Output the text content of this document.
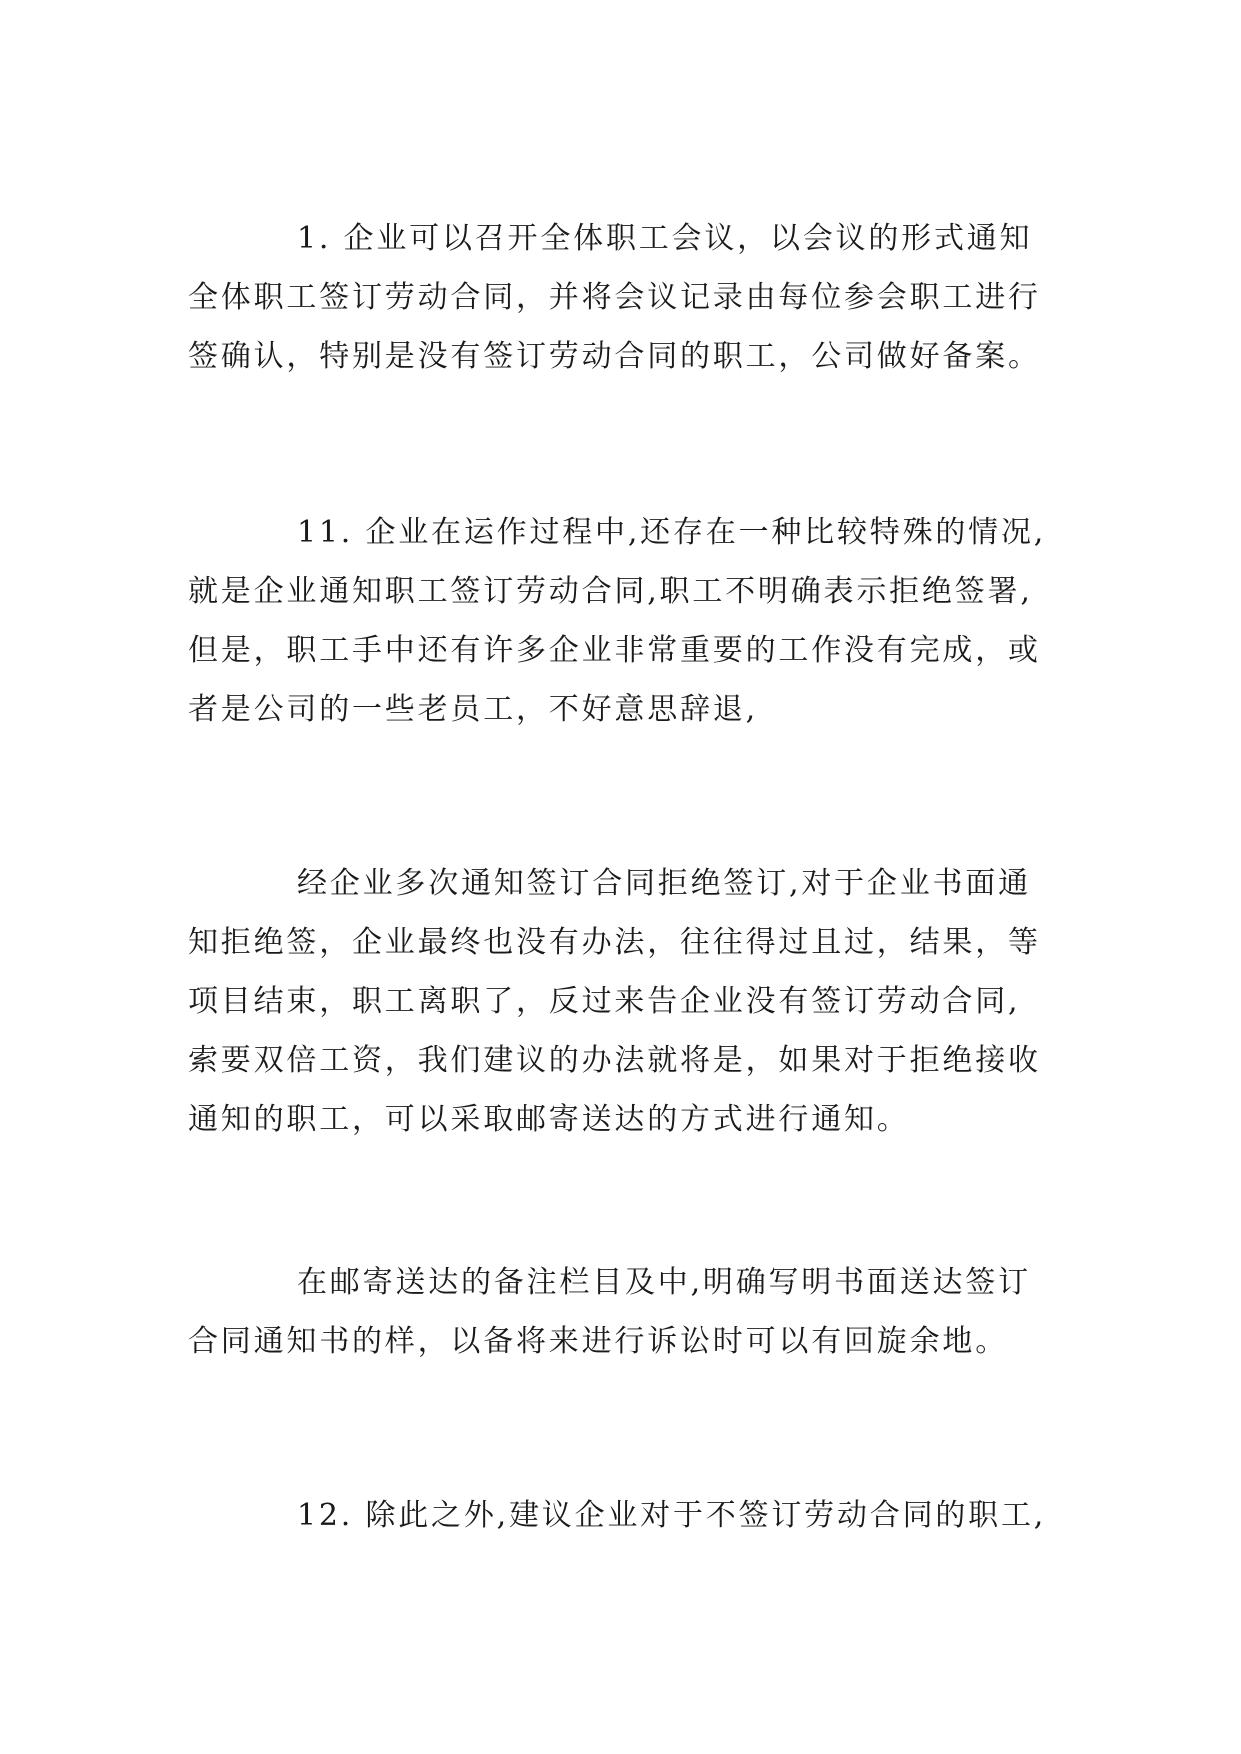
1. 企业可以召开全体职工会议，以会议的形式通知
全体职工签订劳动合同，并将会议记录由每位参会职工进行
签确认，特别是没有签订劳动合同的职工，公司做好备案。
11. 企业在运作过程中,还存在一种比较特殊的情况,
就是企业通知职工签订劳动合同,职工不明确表示拒绝签署,
但是，职工手中还有许多企业非常重要的工作没有完成，或
者是公司的一些老员工，不好意思辞退,
经企业多次通知签订合同拒绝签订,对于企业书面通
知拒绝签，企业最终也没有办法，往往得过且过，结果，等
项目结束，职工离职了，反过来告企业没有签订劳动合同,
索要双倍工资，我们建议的办法就将是，如果对于拒绝接收
通知的职工，可以采取邮寄送达的方式进行通知。
在邮寄送达的备注栏目及中,明确写明书面送达签订
合同通知书的样，以备将来进行诉讼时可以有回旋余地。
12. 除此之外,建议企业对于不签订劳动合同的职工,
